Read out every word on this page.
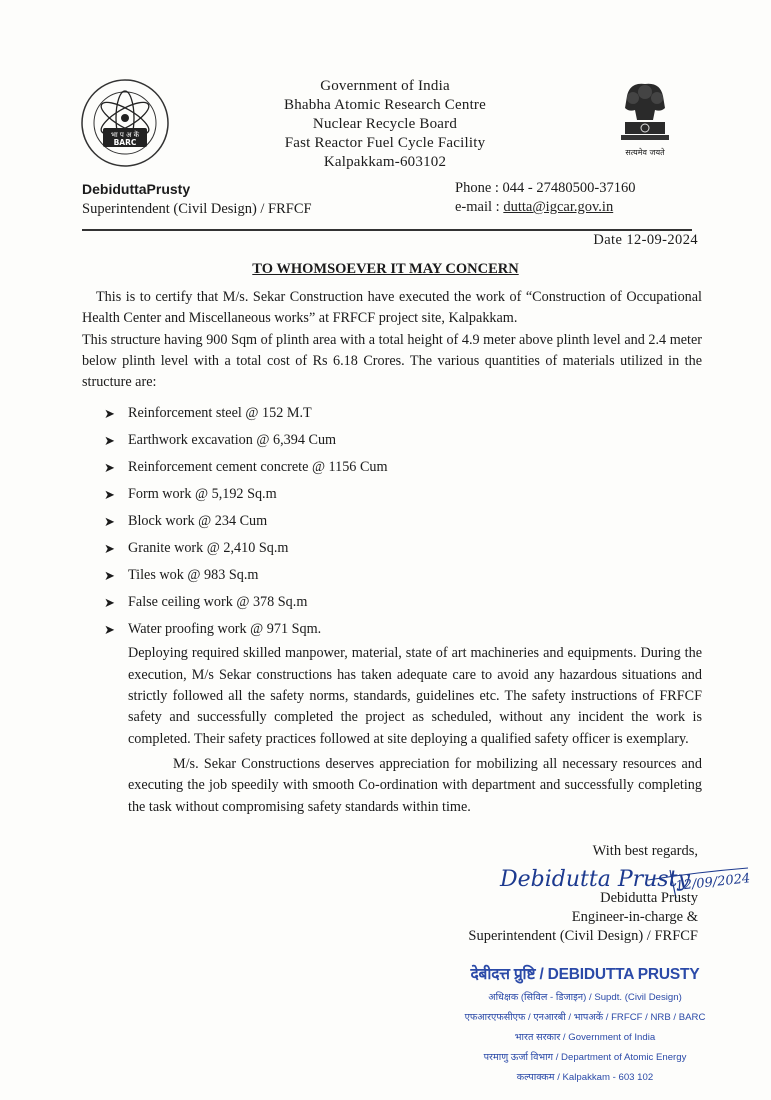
भा प अ कें
BARC
सत्यमेव जयते
Government of India
Bhabha Atomic Research Centre
Nuclear Recycle Board
Fast Reactor Fuel Cycle Facility
Kalpakkam-603102
DebiduttaPrusty
Superintendent (Civil Design) / FRFCF
Phone : 044 - 27480500-37160
e-mail : dutta@igcar.gov.in
Date 12-09-2024
TO WHOMSOEVER IT MAY CONCERN

This is to certify that M/s. Sekar Construction have executed the work of “Construction of Occupational Health Center and Miscellaneous works” at FRFCF project site, Kalpakkam.

This structure having 900 Sqm of plinth area with a total height of 4.9 meter above plinth level and 2.4 meter below plinth level with a total cost of Rs 6.18 Crores. The various quantities of materials utilized in the structure are:

➤ Reinforcement steel @ 152 M.T
➤ Earthwork excavation @ 6,394 Cum
➤ Reinforcement cement concrete @ 1156 Cum
➤ Form work @ 5,192 Sq.m
➤ Block work @ 234 Cum
➤ Granite work @ 2,410 Sq.m
➤ Tiles wok @ 983 Sq.m
➤ False ceiling work @ 378 Sq.m
➤ Water proofing work @ 971 Sqm.

Deploying required skilled manpower, material, state of art machineries and equipments. During the execution, M/s Sekar constructions has taken adequate care to avoid any hazardous situations and strictly followed all the safety norms, standards, guidelines etc. The safety instructions of FRFCF safety and successfully completed the project as scheduled, without any incident the work is completed. Their safety practices followed at site deploying a qualified safety officer is exemplary.

M/s. Sekar Constructions deserves appreciation for mobilizing all necessary resources and executing the job speedily with smooth Co-ordination with department and successfully completing the task without compromising safety standards within time.

With best regards,
Debidutta Prusty
12/09/2024
Debidutta Prusty
Engineer-in-charge &
Superintendent (Civil Design) / FRFCF
देबीदत्त प्रुष्टि / DEBIDUTTA PRUSTY
अधिक्षक (सिविल - डिजाइन) / Supdt. (Civil Design)
एफआरएफसीएफ / एनआरबी / भापअकें / FRFCF / NRB / BARC
भारत सरकार / Government of India
परमाणु ऊर्जा विभाग / Department of Atomic Energy
कल्पाक्कम / Kalpakkam - 603 102
